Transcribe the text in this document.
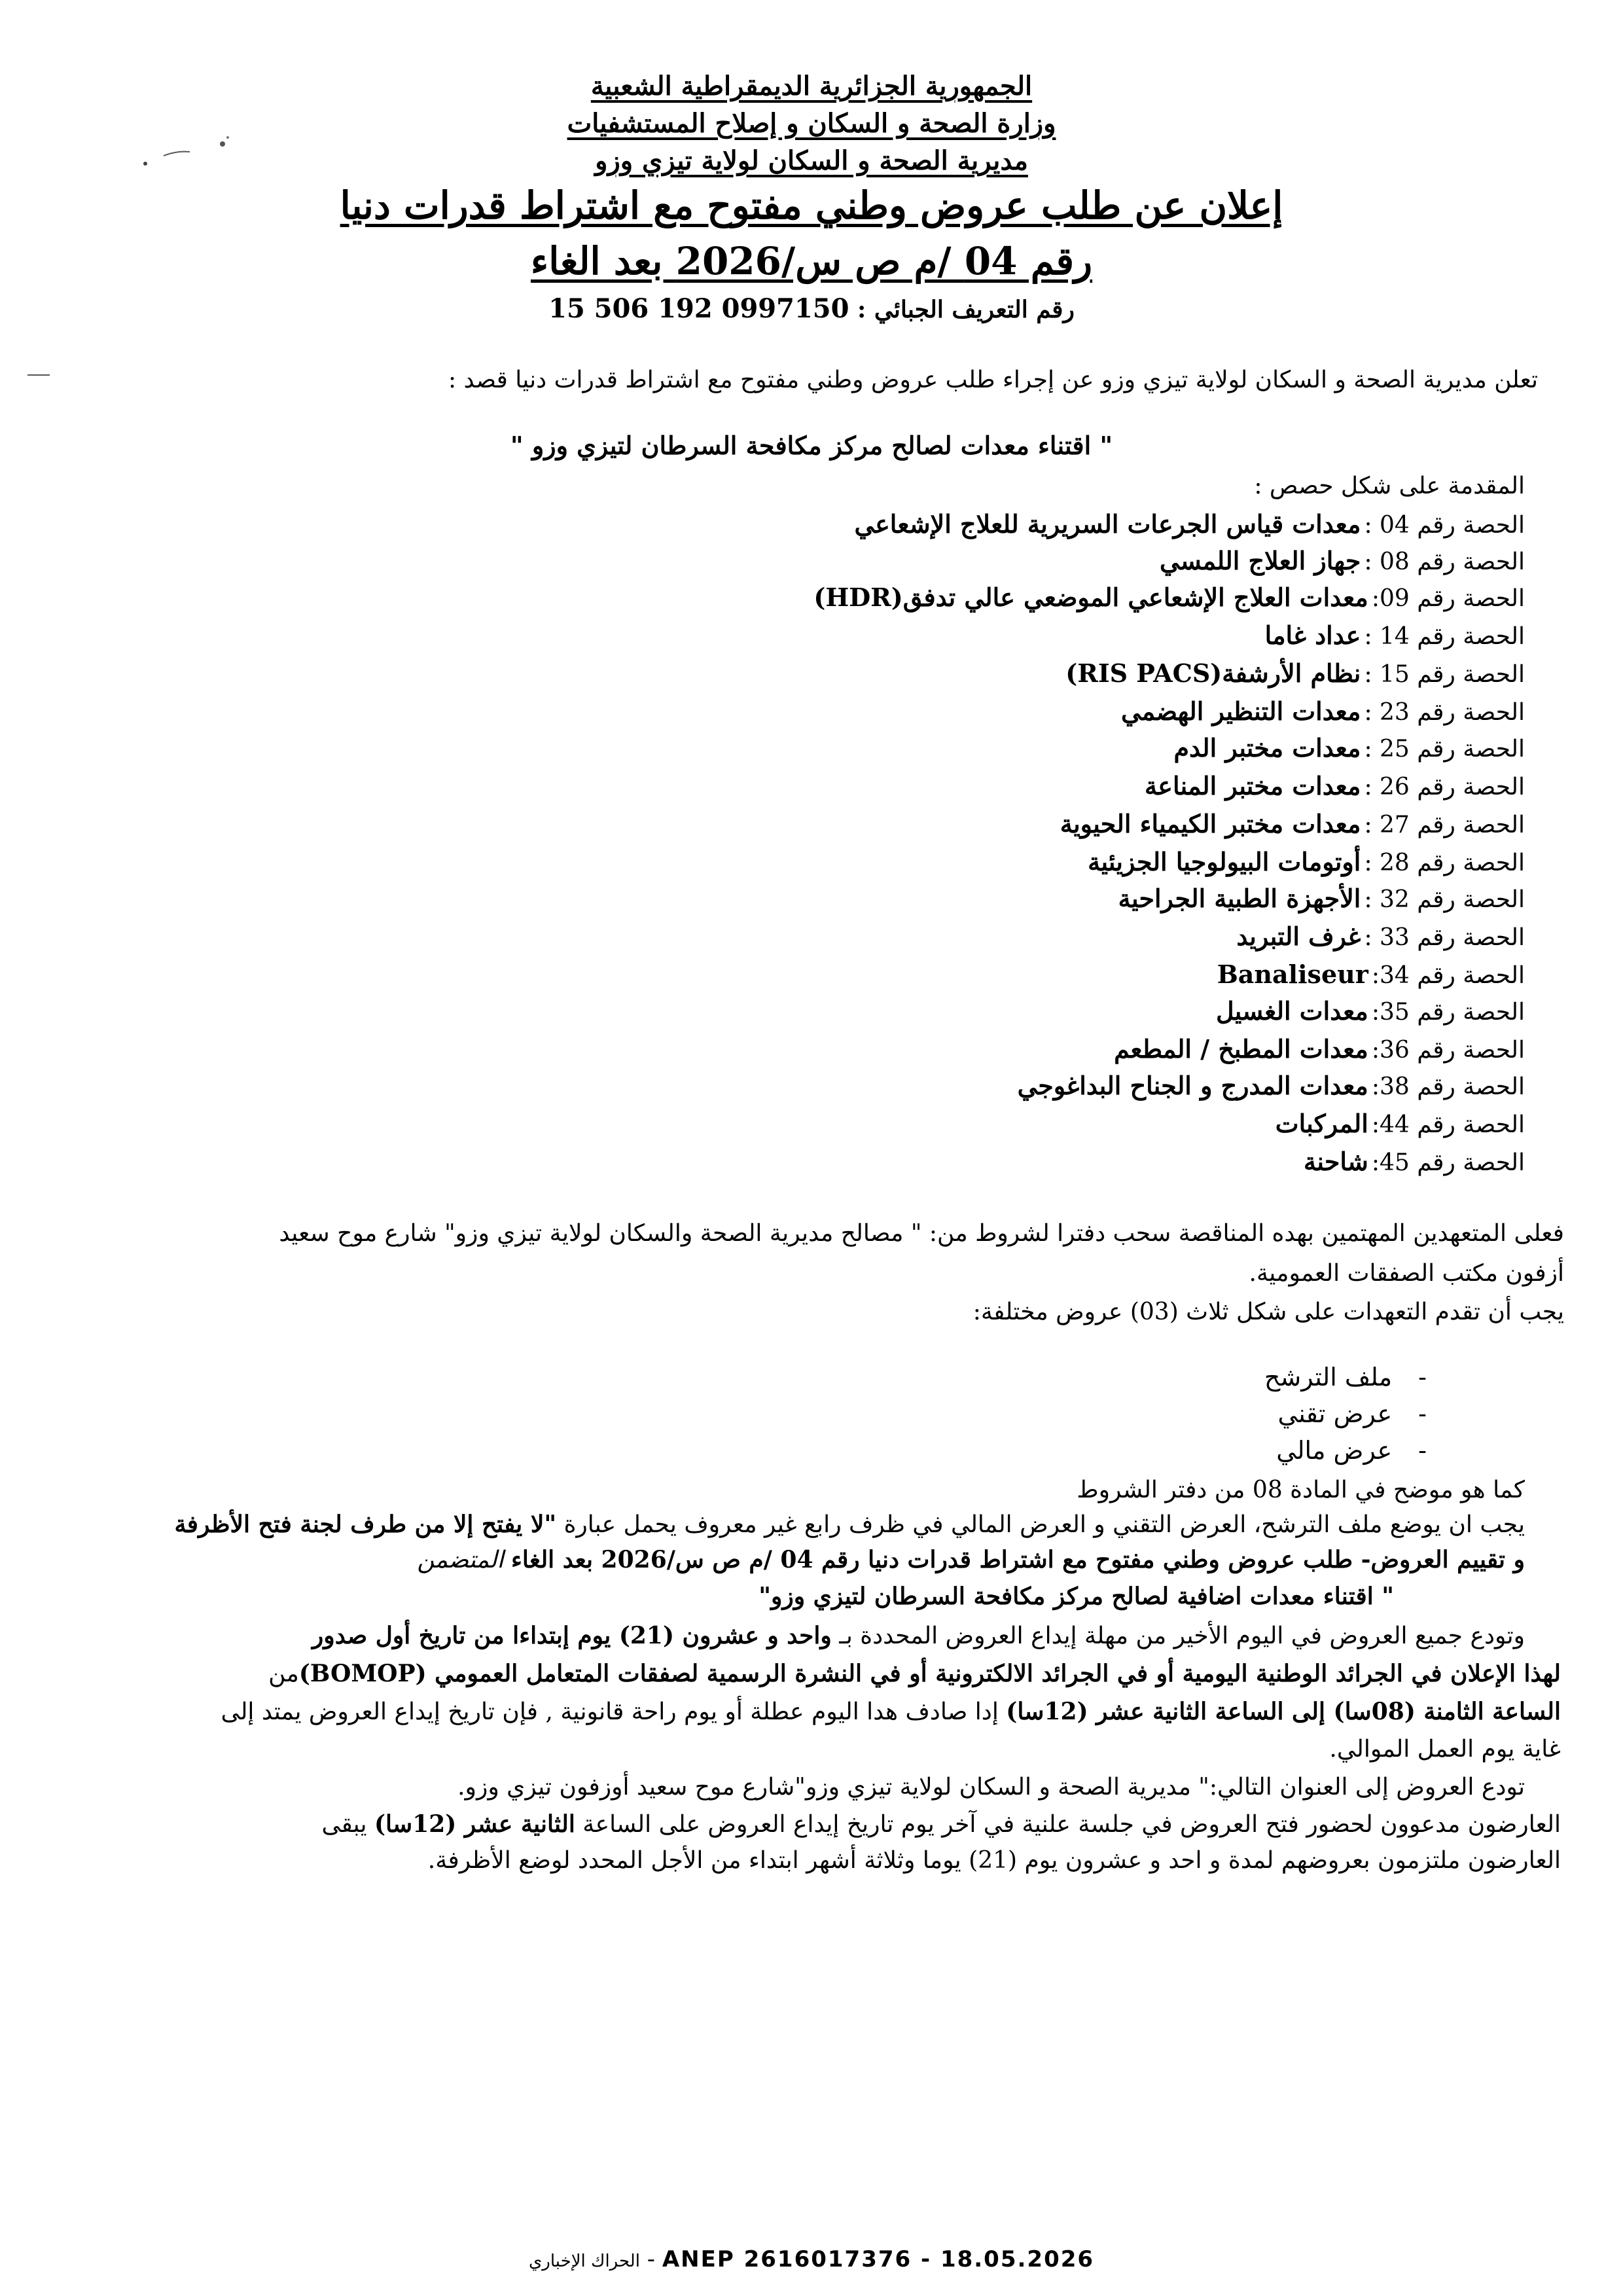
الجمهورية الجزائرية الديمقراطية الشعبية
وزارة الصحة و السكان و إصلاح المستشفيات
مديرية الصحة و السكان لولاية تيزي وزو
إعلان عن طلب عروض وطني مفتوح مع اشتراط قدرات دنيا
رقم 04 /م ص س/2026 بعد الغاء
رقم التعريف الجبائي : 0997150 192 506 15
تعلن مديرية الصحة و السكان لولاية تيزي وزو عن إجراء طلب عروض وطني مفتوح مع اشتراط قدرات دنيا قصد :
" اقتناء معدات لصالح مركز مكافحة السرطان لتيزي وزو "
المقدمة على شكل حصص :
الحصة رقم 04 : معدات قياس الجرعات السريرية للعلاج الإشعاعي
الحصة رقم 08 : جهاز العلاج اللمسي
الحصة رقم 09: معدات العلاج الإشعاعي الموضعي عالي تدفق(HDR)
الحصة رقم 14 : عداد غاما
الحصة رقم 15 : نظام الأرشفة(RIS PACS)
الحصة رقم 23 : معدات التنظير الهضمي
الحصة رقم 25 : معدات مختبر الدم
الحصة رقم 26 : معدات مختبر المناعة
الحصة رقم 27 : معدات مختبر الكيمياء الحيوية
الحصة رقم 28 : أوتومات البيولوجيا الجزيئية
الحصة رقم 32 : الأجهزة الطبية الجراحية
الحصة رقم 33 : غرف التبريد
الحصة رقم 34: Banaliseur
الحصة رقم 35: معدات الغسيل
الحصة رقم 36: معدات المطبخ / المطعم
الحصة رقم 38: معدات المدرج و الجناح البداغوجي
الحصة رقم 44: المركبات
الحصة رقم 45: شاحنة
فعلى المتعهدين المهتمين بهده المناقصة سحب دفترا لشروط من: " مصالح مديرية الصحة والسكان لولاية تيزي وزو" شارع موح سعيد
أزفون مكتب الصفقات العمومية.
يجب أن تقدم التعهدات على شكل ثلاث (03) عروض مختلفة:
-ملف الترشح
-عرض تقني
-عرض مالي
كما هو موضح في المادة 08 من دفتر الشروط
يجب ان يوضع ملف الترشح، العرض التقني و العرض المالي في ظرف رابع غير معروف يحمل عبارة "لا يفتح إلا من طرف لجنة فتح الأظرفة
و تقييم العروض- طلب عروض وطني مفتوح مع اشتراط قدرات دنيا رقم 04 /م ص س/2026 بعد الغاء المتضمن
" اقتناء معدات اضافية لصالح مركز مكافحة السرطان لتيزي وزو"
وتودع جميع العروض في اليوم الأخير من مهلة إيداع العروض المحددة بـ واحد و عشرون (21) يوم إبتداءا من تاريخ أول صدور
لهذا الإعلان في الجرائد الوطنية اليومية أو في الجرائد الالكترونية أو في النشرة الرسمية لصفقات المتعامل العمومي (BOMOP)من
الساعة الثامنة (08سا) إلى الساعة الثانية عشر (12سا) إدا صادف هدا اليوم عطلة أو يوم راحة قانونية , فإن تاريخ إيداع العروض يمتد إلى
غاية يوم العمل الموالي.
تودع العروض إلى العنوان التالي:" مديرية الصحة و السكان لولاية تيزي وزو"شارع موح سعيد أوزفون تيزي وزو.
العارضون مدعوون لحضور فتح العروض في جلسة علنية في آخر يوم تاريخ إيداع العروض على الساعة الثانية عشر (12سا) يبقى
العارضون ملتزمون بعروضهم لمدة و احد و عشرون يوم (21) يوما وثلاثة أشهر ابتداء من الأجل المحدد لوضع الأظرفة.
الحراك الإخباري - ANEP 2616017376 - 18.05.2026
